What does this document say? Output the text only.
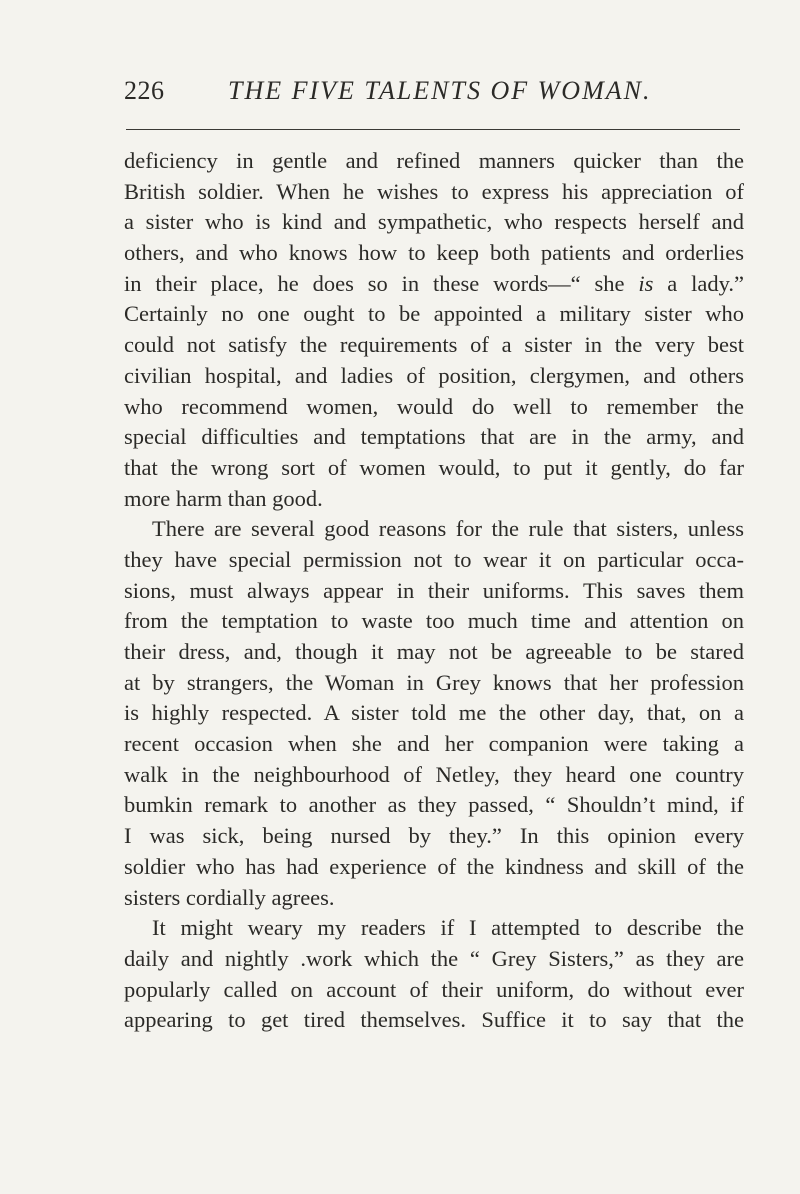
226 THE FIVE TALENTS OF WOMAN.
deficiency in gentle and refined manners quicker than the
British soldier. When he wishes to express his appreciation of
a sister who is kind and sympathetic, who respects herself and
others, and who knows how to keep both patients and orderlies
in their place, he does so in these words—“ she is a lady.”
Certainly no one ought to be appointed a military sister who
could not satisfy the requirements of a sister in the very best
civilian hospital, and ladies of position, clergymen, and others
who recommend women, would do well to remember the
special difficulties and temptations that are in the army, and
that the wrong sort of women would, to put it gently, do far
more harm than good.
There are several good reasons for the rule that sisters, unless
they have special permission not to wear it on particular occa-
sions, must always appear in their uniforms. This saves them
from the temptation to waste too much time and attention on
their dress, and, though it may not be agreeable to be stared
at by strangers, the Woman in Grey knows that her profession
is highly respected. A sister told me the other day, that, on a
recent occasion when she and her companion were taking a
walk in the neighbourhood of Netley, they heard one country
bumkin remark to another as they passed, “ Shouldn’t mind, if
I was sick, being nursed by they.” In this opinion every
soldier who has had experience of the kindness and skill of the
sisters cordially agrees.
It might weary my readers if I attempted to describe the
daily and nightly .work which the “ Grey Sisters,” as they are
popularly called on account of their uniform, do without ever
appearing to get tired themselves. Suffice it to say that the
